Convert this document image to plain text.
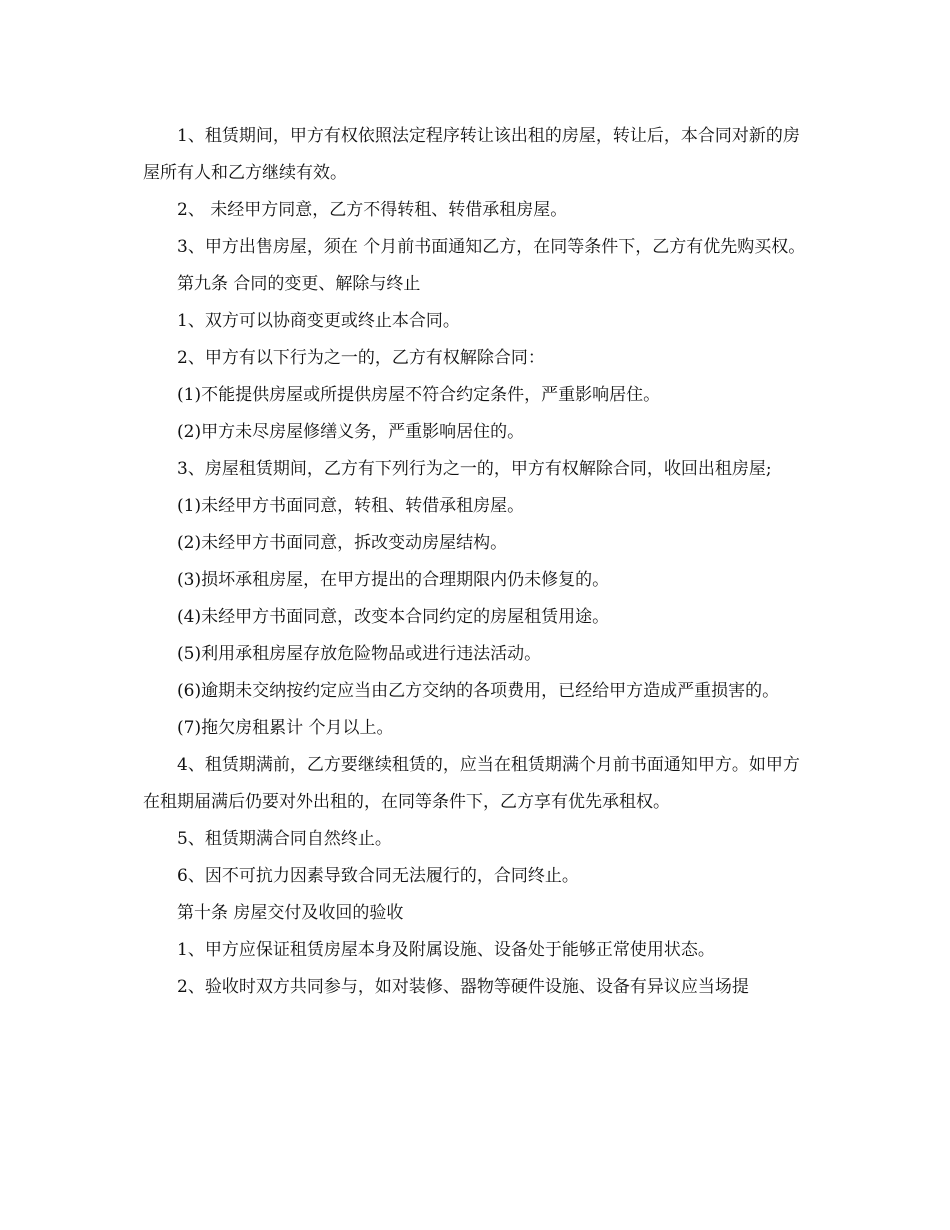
1、租赁期间，甲方有权依照法定程序转让该出租的房屋，转让后，本合同对新的房屋所有人和乙方继续有效。

2、 未经甲方同意，乙方不得转租、转借承租房屋。

3、甲方出售房屋，须在 个月前书面通知乙方，在同等条件下，乙方有优先购买权。

第九条 合同的变更、解除与终止

1、双方可以协商变更或终止本合同。

2、甲方有以下行为之一的，乙方有权解除合同：

(1)不能提供房屋或所提供房屋不符合约定条件，严重影响居住。

(2)甲方未尽房屋修缮义务，严重影响居住的。

3、房屋租赁期间，乙方有下列行为之一的，甲方有权解除合同，收回出租房屋;

(1)未经甲方书面同意，转租、转借承租房屋。

(2)未经甲方书面同意，拆改变动房屋结构。

(3)损坏承租房屋，在甲方提出的合理期限内仍未修复的。

(4)未经甲方书面同意，改变本合同约定的房屋租赁用途。

(5)利用承租房屋存放危险物品或进行违法活动。

(6)逾期未交纳按约定应当由乙方交纳的各项费用，已经给甲方造成严重损害的。

(7)拖欠房租累计 个月以上。

4、租赁期满前，乙方要继续租赁的，应当在租赁期满个月前书面通知甲方。如甲方在租期届满后仍要对外出租的，在同等条件下，乙方享有优先承租权。

5、租赁期满合同自然终止。

6、因不可抗力因素导致合同无法履行的，合同终止。

第十条 房屋交付及收回的验收

1、甲方应保证租赁房屋本身及附属设施、设备处于能够正常使用状态。

2、验收时双方共同参与，如对装修、器物等硬件设施、设备有异议应当场提
